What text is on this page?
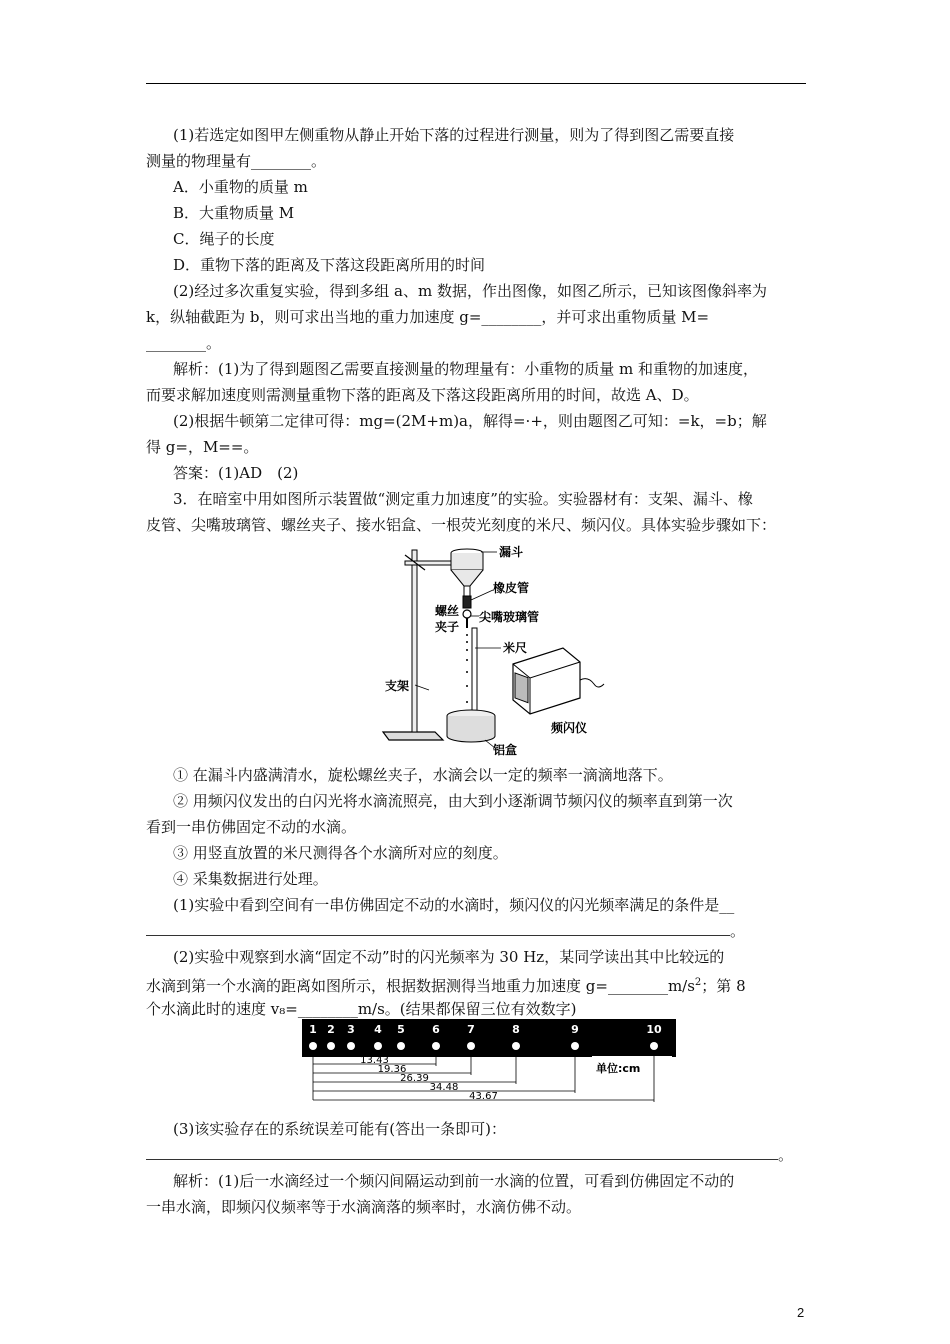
(1)若选定如图甲左侧重物从静止开始下落的过程进行测量，则为了得到图乙需要直接
测量的物理量有________。
A．小重物的质量 m
B．大重物质量 M
C．绳子的长度
D．重物下落的距离及下落这段距离所用的时间
(2)经过多次重复实验，得到多组 a、m 数据，作出图像，如图乙所示，已知该图像斜率为
k，纵轴截距为 b，则可求出当地的重力加速度 g=________，并可求出重物质量 M=
________。
解析：(1)为了得到题图乙需要直接测量的物理量有：小重物的质量 m 和重物的加速度，
而要求解加速度则需测量重物下落的距离及下落这段距离所用的时间，故选 A、D。
(2)根据牛顿第二定律可得：mg=(2M+m)a，解得=·+，则由题图乙可知：=k，=b；解
得 g=，M==。
答案：(1)AD　(2)
3．在暗室中用如图所示装置做“测定重力加速度”的实验。实验器材有：支架、漏斗、橡
皮管、尖嘴玻璃管、螺丝夹子、接水铝盒、一根荧光刻度的米尺、频闪仪。具体实验步骤如下：
漏斗
橡皮管
螺丝
夹子
尖嘴玻璃管
米尺
支架
频闪仪
铝盒
① 在漏斗内盛满清水，旋松螺丝夹子，水滴会以一定的频率一滴滴地落下。
② 用频闪仪发出的白闪光将水滴流照亮，由大到小逐渐调节频闪仪的频率直到第一次
看到一串仿佛固定不动的水滴。
③ 用竖直放置的米尺测得各个水滴所对应的刻度。
④ 采集数据进行处理。
(1)实验中看到空间有一串仿佛固定不动的水滴时，频闪仪的闪光频率满足的条件是__
。
(2)实验中观察到水滴“固定不动”时的闪光频率为 30 Hz，某同学读出其中比较远的
水滴到第一个水滴的距离如图所示，根据数据测得当地重力加速度 $g=\_\_\_\_\_\_\_\_m/s^2$；第 8
个水滴此时的速度 v₈=________m/s。(结果都保留三位有效数字)
1 2 3 4 5 6 7	8	9	10
13.43
19.36
26.39
34.48
43.67
单位:cm
(3)该实验存在的系统误差可能有(答出一条即可)：
。
解析：(1)后一水滴经过一个频闪间隔运动到前一水滴的位置，可看到仿佛固定不动的
一串水滴，即频闪仪频率等于水滴滴落的频率时，水滴仿佛不动。
2
